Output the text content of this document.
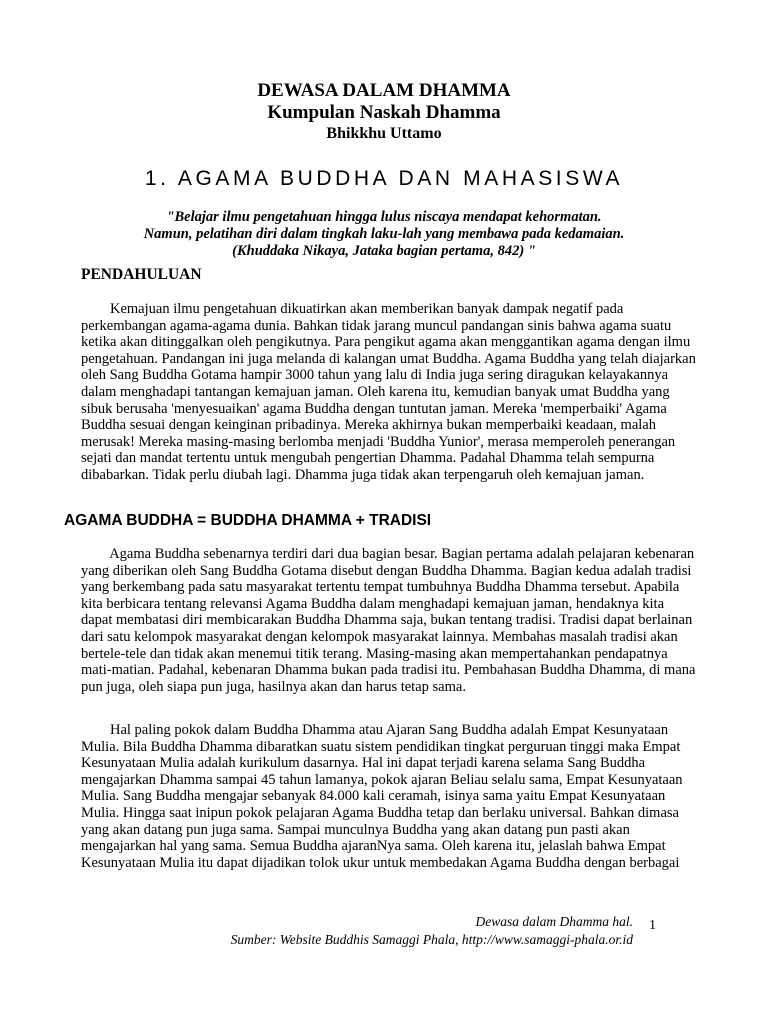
DEWASA DALAM DHAMMA
Kumpulan Naskah Dhamma
Bhikkhu Uttamo
1. AGAMA BUDDHA DAN MAHASISWA
"Belajar ilmu pengetahuan hingga lulus niscaya mendapat kehormatan.
Namun, pelatihan diri dalam tingkah laku-lah yang membawa pada kedamaian.
(Khuddaka Nikaya, Jataka bagian pertama, 842) "
PENDAHULUAN
Kemajuan ilmu pengetahuan dikuatirkan akan memberikan banyak dampak negatif pada
perkembangan agama-agama dunia. Bahkan tidak jarang muncul pandangan sinis bahwa agama suatu
ketika akan ditinggalkan oleh pengikutnya. Para pengikut agama akan menggantikan agama dengan ilmu
pengetahuan. Pandangan ini juga melanda di kalangan umat Buddha. Agama Buddha yang telah diajarkan
oleh Sang Buddha Gotama hampir 3000 tahun yang lalu di India juga sering diragukan kelayakannya
dalam menghadapi tantangan kemajuan jaman. Oleh karena itu, kemudian banyak umat Buddha yang
sibuk berusaha 'menyesuaikan' agama Buddha dengan tuntutan jaman. Mereka 'memperbaiki' Agama
Buddha sesuai dengan keinginan pribadinya. Mereka akhirnya bukan memperbaiki keadaan, malah
merusak! Mereka masing-masing berlomba menjadi 'Buddha Yunior', merasa memperoleh penerangan
sejati dan mandat tertentu untuk mengubah pengertian Dhamma. Padahal Dhamma telah sempurna
dibabarkan. Tidak perlu diubah lagi. Dhamma juga tidak akan terpengaruh oleh kemajuan jaman.
AGAMA BUDDHA = BUDDHA DHAMMA + TRADISI
Agama Buddha sebenarnya terdiri dari dua bagian besar. Bagian pertama adalah pelajaran kebenaran
yang diberikan oleh Sang Buddha Gotama disebut dengan Buddha Dhamma. Bagian kedua adalah tradisi
yang berkembang pada satu masyarakat tertentu tempat tumbuhnya Buddha Dhamma tersebut. Apabila
kita berbicara tentang relevansi Agama Buddha dalam menghadapi kemajuan jaman, hendaknya kita
dapat membatasi diri membicarakan Buddha Dhamma saja, bukan tentang tradisi. Tradisi dapat berlainan
dari satu kelompok masyarakat dengan kelompok masyarakat lainnya. Membahas masalah tradisi akan
bertele-tele dan tidak akan menemui titik terang. Masing-masing akan mempertahankan pendapatnya
mati-matian. Padahal, kebenaran Dhamma bukan pada tradisi itu. Pembahasan Buddha Dhamma, di mana
pun juga, oleh siapa pun juga, hasilnya akan dan harus tetap sama.
Hal paling pokok dalam Buddha Dhamma atau Ajaran Sang Buddha adalah Empat Kesunyataan
Mulia. Bila Buddha Dhamma dibaratkan suatu sistem pendidikan tingkat perguruan tinggi maka Empat
Kesunyataan Mulia adalah kurikulum dasarnya. Hal ini dapat terjadi karena selama Sang Buddha
mengajarkan Dhamma sampai 45 tahun lamanya, pokok ajaran Beliau selalu sama, Empat Kesunyataan
Mulia. Sang Buddha mengajar sebanyak 84.000 kali ceramah, isinya sama yaitu Empat Kesunyataan
Mulia. Hingga saat inipun pokok pelajaran Agama Buddha tetap dan berlaku universal. Bahkan dimasa
yang akan datang pun juga sama. Sampai munculnya Buddha yang akan datang pun pasti akan
mengajarkan hal yang sama. Semua Buddha ajaranNya sama. Oleh karena itu, jelaslah bahwa Empat
Kesunyataan Mulia itu dapat dijadikan tolok ukur untuk membedakan Agama Buddha dengan berbagai
Dewasa dalam Dhamma hal.
Sumber: Website Buddhis Samaggi Phala, http://www.samaggi-phala.or.id
1
